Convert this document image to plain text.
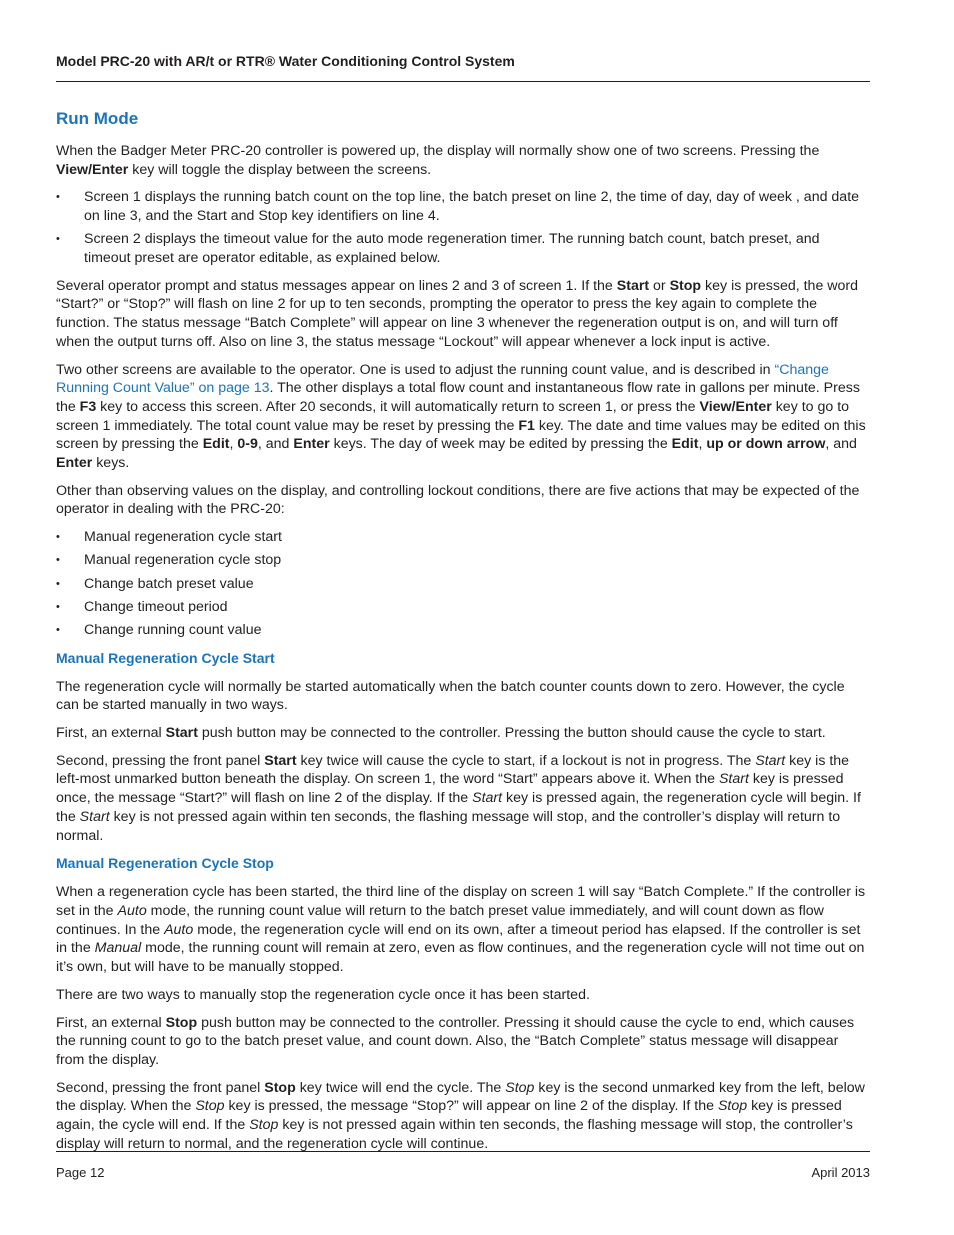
Model PRC-20 with AR/t or RTR® Water Conditioning Control System
Run Mode

When the Badger Meter PRC-20 controller is powered up, the display will normally show one of two screens. Pressing the View/Enter key will toggle the display between the screens.

• Screen 1 displays the running batch count on the top line, the batch preset on line 2, the time of day, day of week , and date on line 3, and the Start and Stop key identifiers on line 4.
• Screen 2 displays the timeout value for the auto mode regeneration timer. The running batch count, batch preset, and timeout preset are operator editable, as explained below.

Several operator prompt and status messages appear on lines 2 and 3 of screen 1. If the Start or Stop key is pressed, the word “Start?” or “Stop?” will flash on line 2 for up to ten seconds, prompting the operator to press the key again to complete the function. The status message “Batch Complete” will appear on line 3 whenever the regeneration output is on, and will turn off when the output turns off. Also on line 3, the status message “Lockout” will appear whenever a lock input is active.

Two other screens are available to the operator. One is used to adjust the running count value, and is described in “Change Running Count Value” on page 13. The other displays a total flow count and instantaneous flow rate in gallons per minute. Press the F3 key to access this screen. After 20 seconds, it will automatically return to screen 1, or press the View/Enter key to go to screen 1 immediately. The total count value may be reset by pressing the F1 key. The date and time values may be edited on this screen by pressing the Edit, 0-9, and Enter keys. The day of week may be edited by pressing the Edit, up or down arrow, and Enter keys.

Other than observing values on the display, and controlling lockout conditions, there are five actions that may be expected of the operator in dealing with the PRC-20:

• Manual regeneration cycle start
• Manual regeneration cycle stop
• Change batch preset value
• Change timeout period
• Change running count value
Manual Regeneration Cycle Start

The regeneration cycle will normally be started automatically when the batch counter counts down to zero. However, the cycle can be started manually in two ways.

First, an external Start push button may be connected to the controller. Pressing the button should cause the cycle to start.

Second, pressing the front panel Start key twice will cause the cycle to start, if a lockout is not in progress. The Start key is the left-most unmarked button beneath the display. On screen 1, the word “Start” appears above it. When the Start key is pressed once, the message “Start?” will flash on line 2 of the display. If the Start key is pressed again, the regeneration cycle will begin. If the Start key is not pressed again within ten seconds, the flashing message will stop, and the controller’s display will return to normal.

Manual Regeneration Cycle Stop

When a regeneration cycle has been started, the third line of the display on screen 1 will say “Batch Complete.” If the controller is set in the Auto mode, the running count value will return to the batch preset value immediately, and will count down as flow continues. In the Auto mode, the regeneration cycle will end on its own, after a timeout period has elapsed. If the controller is set in the Manual mode, the running count will remain at zero, even as flow continues, and the regeneration cycle will not time out on it’s own, but will have to be manually stopped.

There are two ways to manually stop the regeneration cycle once it has been started.

First, an external Stop push button may be connected to the controller. Pressing it should cause the cycle to end, which causes the running count to go to the batch preset value, and count down. Also, the “Batch Complete” status message will disappear from the display.

Second, pressing the front panel Stop key twice will end the cycle. The Stop key is the second unmarked key from the left, below the display. When the Stop key is pressed, the message “Stop?” will appear on line 2 of the display. If the Stop key is pressed again, the cycle will end. If the Stop key is not pressed again within ten seconds, the flashing message will stop, the controller’s display will return to normal, and the regeneration cycle will continue.

Page 12	April 2013
